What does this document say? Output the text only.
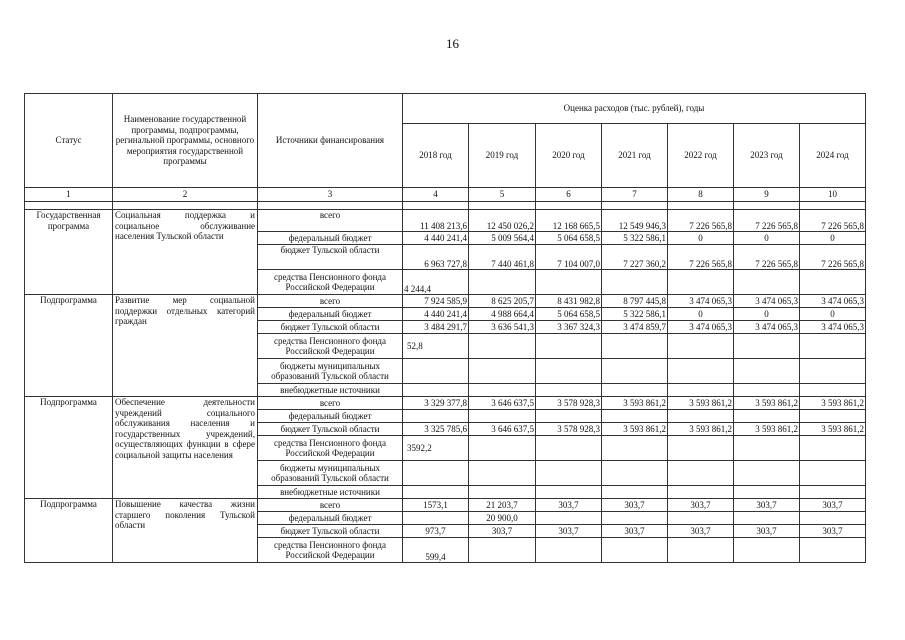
16
Статус	Наименование государственной программы, подпрограммы, регинальной программы, основного мероприятия государственной программы	Источники финансирования	Оценка расходов (тыс. рублей), годы						
			2018 год	2019 год	2020 год	2021 год	2022 год	2023 год	2024 год
1	2	3	4	5	6	7	8	9	10

Государственная программа	Социальная поддержка и социальное обслуживание населения Тульской области	всего	11 408 213,6	12 450 026,2	12 168 665,5	12 549 946,3	7 226 565,8	7 226 565,8	7 226 565,8
		федеральный бюджет	4 440 241,4	5 009 564,4	5 064 658,5	5 322 586,1	0	0	0
		бюджет Тульской области	6 963 727,8	7 440 461,8	7 104 007,0	7 227 360,2	7 226 565,8	7 226 565,8	7 226 565,8
		средства Пенсионного фонда Российской Федерации	4 244,4						
Подпрограмма	Развитие мер социальной поддержки отдельных категорий граждан	всего	7 924 585,9	8 625 205,7	8 431 982,8	8 797 445,8	3 474 065,3	3 474 065,3	3 474 065,3
		федеральный бюджет	4 440 241,4	4 988 664,4	5 064 658,5	5 322 586,1	0	0	0
		бюджет Тульской области	3 484 291,7	3 636 541,3	3 367 324,3	3 474 859,7	3 474 065,3	3 474 065,3	3 474 065,3
		средства Пенсионного фонда Российской Федерации	52,8						
		бюджеты муниципальных образований Тульской области							
		внебюджетные источники							
Подпрограмма	Обеспечение деятельности учреждений социального обслуживания населения и государственных учреждений, осуществляющих функции в сфере социальной защиты населения	всего	3 329 377,8	3 646 637,5	3 578 928,3	3 593 861,2	3 593 861,2	3 593 861,2	3 593 861,2
		федеральный бюджет							
		бюджет Тульской области	3 325 785,6	3 646 637,5	3 578 928,3	3 593 861,2	3 593 861,2	3 593 861,2	3 593 861,2
		средства Пенсионного фонда Российской Федерации	3592,2						
		бюджеты муниципальных образований Тульской области							
		внебюджетные источники							
Подпрограмма	Повышение качества жизни старшего поколения Тульской области	всего	1573,1	21 203,7	303,7	303,7	303,7	303,7	303,7
		федеральный бюджет		20 900,0					
		бюджет Тульской области	973,7	303,7	303,7	303,7	303,7	303,7	303,7
		средства Пенсионного фонда Российской Федерации	599,4						
